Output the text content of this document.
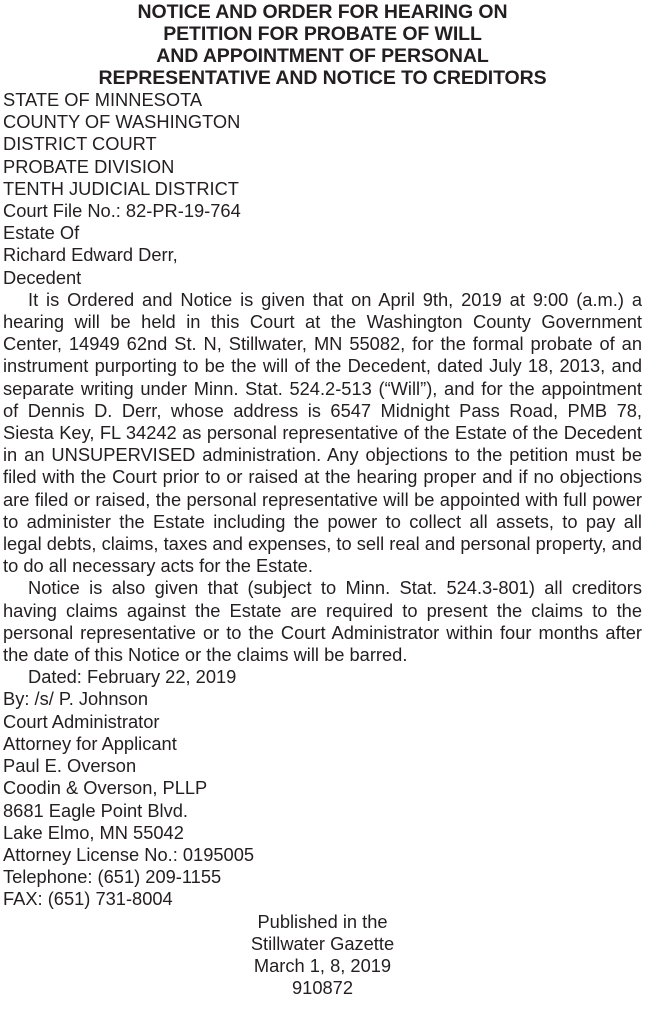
NOTICE AND ORDER FOR HEARING ON
PETITION FOR PROBATE OF WILL
AND APPOINTMENT OF PERSONAL
REPRESENTATIVE AND NOTICE TO CREDITORS
STATE OF MINNESOTA
COUNTY OF WASHINGTON
DISTRICT COURT
PROBATE DIVISION
TENTH JUDICIAL DISTRICT
Court File No.: 82-PR-19-764
Estate Of
Richard Edward Derr,
Decedent

It is Ordered and Notice is given that on April 9th, 2019 at 9:00 (a.m.) a hearing will be held in this Court at the Washington County Government Center, 14949 62nd St. N, Stillwater, MN 55082, for the formal probate of an instrument purporting to be the will of the Decedent, dated July 18, 2013, and separate writing under Minn. Stat. 524.2-513 (“Will”), and for the appointment of Dennis D. Derr, whose address is 6547 Midnight Pass Road, PMB 78, Siesta Key, FL 34242 as personal representative of the Estate of the Decedent in an UNSUPERVISED administration. Any objections to the petition must be filed with the Court prior to or raised at the hearing proper and if no objections are filed or raised, the personal representative will be appointed with full power to administer the Estate including the power to collect all assets, to pay all legal debts, claims, taxes and expenses, to sell real and personal property, and to do all necessary acts for the Estate.

Notice is also given that (subject to Minn. Stat. 524.3-801) all creditors having claims against the Estate are required to present the claims to the personal representative or to the Court Administrator within four months after the date of this Notice or the claims will be barred.

Dated: February 22, 2019
By: /s/ P. Johnson
Court Administrator
Attorney for Applicant
Paul E. Overson
Coodin & Overson, PLLP
8681 Eagle Point Blvd.
Lake Elmo, MN 55042
Attorney License No.: 0195005
Telephone: (651) 209-1155
FAX: (651) 731-8004
Published in the
Stillwater Gazette
March 1, 8, 2019
910872
